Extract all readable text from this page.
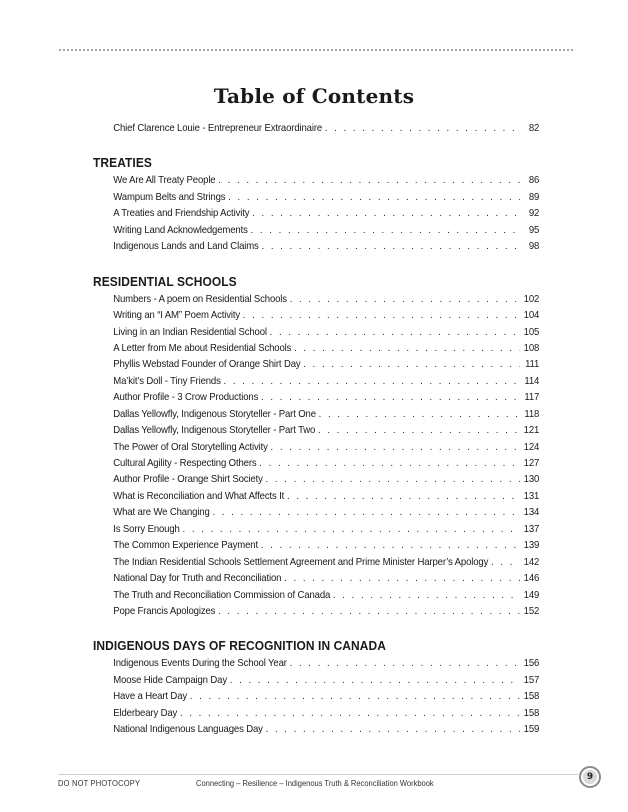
Table of Contents
Chief Clarence Louie - Entrepreneur Extraordinaire . . .	82
TREATIES
We Are All Treaty People . . .	86
Wampum Belts and Strings . . .	89
A Treaties and Friendship Activity . . .	92
Writing Land Acknowledgements . . .	95
Indigenous Lands and Land Claims . . .	98
RESIDENTIAL SCHOOLS
Numbers - A poem on Residential Schools . . .	102
Writing an “I AM” Poem Activity . . .	104
Living in an Indian Residential School . . .	105
A Letter from Me about Residential Schools . . .	108
Phyllis Webstad Founder of Orange Shirt Day . . .	111
Ma’kit’s Doll - Tiny Friends . . .	114
Author Profile - 3 Crow Productions . . .	117
Dallas Yellowfly, Indigenous Storyteller - Part One . . .	118
Dallas Yellowfly, Indigenous Storyteller - Part Two . . .	121
The Power of Oral Storytelling Activity . . .	124
Cultural Agility - Respecting Others . . .	127
Author Profile - Orange Shirt Society . . .	130
What is Reconciliation and What Affects It . . .	131
What are We Changing . . .	134
Is Sorry Enough . . .	137
The Common Experience Payment . . .	139
The Indian Residential Schools Settlement Agreement and Prime Minister Harper’s Apology . . .	142
National Day for Truth and Reconciliation . . .	146
The Truth and Reconciliation Commission of Canada . . .	149
Pope Francis Apologizes . . .	152
INDIGENOUS DAYS OF RECOGNITION IN CANADA
Indigenous Events During the School Year . . .	156
Moose Hide Campaign Day . . .	157
Have a Heart Day . . .	158
Elderbeary Day . . .	158
National Indigenous Languages Day . . .	159
DO NOT PHOTOCOPY	Connecting – Resilience – Indigenous Truth & Reconciliation Workbook
9
